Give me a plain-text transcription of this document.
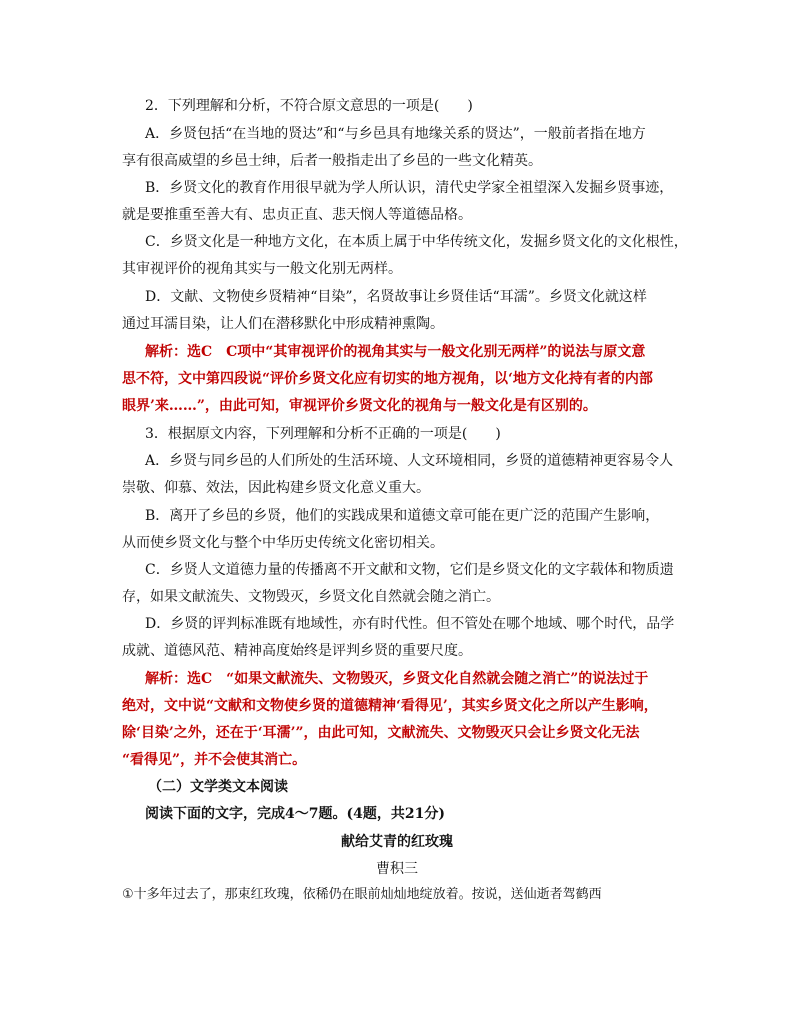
2．下列理解和分析，不符合原文意思的一项是(　　)
A．乡贤包括“在当地的贤达”和“与乡邑具有地缘关系的贤达”，一般前者指在地方
享有很高威望的乡邑士绅，后者一般指走出了乡邑的一些文化精英。
B．乡贤文化的教育作用很早就为学人所认识，清代史学家全祖望深入发掘乡贤事迹，
就是要推重至善大有、忠贞正直、悲天悯人等道德品格。
C．乡贤文化是一种地方文化，在本质上属于中华传统文化，发掘乡贤文化的文化根性，
其审视评价的视角其实与一般文化别无两样。
D．文献、文物使乡贤精神“目染”，名贤故事让乡贤佳话“耳濡”。乡贤文化就这样
通过耳濡目染，让人们在潜移默化中形成精神熏陶。
解析：选C　C项中“其审视评价的视角其实与一般文化别无两样”的说法与原文意
思不符，文中第四段说“评价乡贤文化应有切实的地方视角，以‘地方文化持有者的内部
眼界’来……”，由此可知，审视评价乡贤文化的视角与一般文化是有区别的。
3．根据原文内容，下列理解和分析不正确的一项是(　　)
A．乡贤与同乡邑的人们所处的生活环境、人文环境相同，乡贤的道德精神更容易令人
崇敬、仰慕、效法，因此构建乡贤文化意义重大。
B．离开了乡邑的乡贤，他们的实践成果和道德文章可能在更广泛的范围产生影响，
从而使乡贤文化与整个中华历史传统文化密切相关。
C．乡贤人文道德力量的传播离不开文献和文物，它们是乡贤文化的文字载体和物质遗
存，如果文献流失、文物毁灭，乡贤文化自然就会随之消亡。
D．乡贤的评判标准既有地域性，亦有时代性。但不管处在哪个地域、哪个时代，品学
成就、道德风范、精神高度始终是评判乡贤的重要尺度。
解析：选C　“如果文献流失、文物毁灭，乡贤文化自然就会随之消亡”的说法过于
绝对，文中说“文献和文物使乡贤的道德精神‘看得见’，其实乡贤文化之所以产生影响，
除‘目染’之外，还在于‘耳濡’”，由此可知，文献流失、文物毁灭只会让乡贤文化无法
“看得见”，并不会使其消亡。
（二）文学类文本阅读
阅读下面的文字，完成4～7题。(4题，共21分)
献给艾青的红玫瑰
曹积三
①十多年过去了，那束红玫瑰，依稀仍在眼前灿灿地绽放着。按说，送仙逝者驾鹤西
